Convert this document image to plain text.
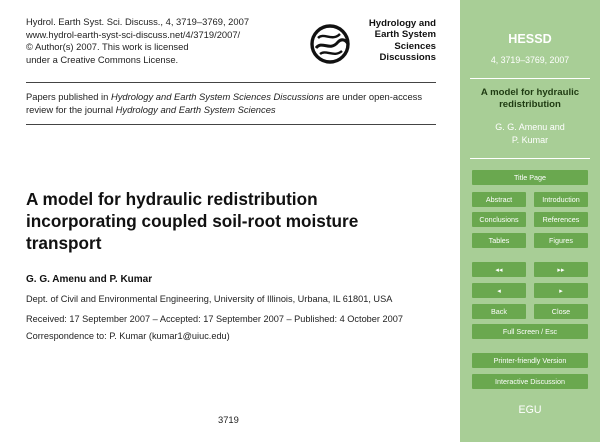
Hydrol. Earth Syst. Sci. Discuss., 4, 3719–3769, 2007
www.hydrol-earth-syst-sci-discuss.net/4/3719/2007/
© Author(s) 2007. This work is licensed
under a Creative Commons License.
Hydrology and
Earth System
Sciences
Discussions
Papers published in Hydrology and Earth System Sciences Discussions are under open-access review for the journal Hydrology and Earth System Sciences
A model for hydraulic redistribution
incorporating coupled soil-root moisture
transport
G. G. Amenu and P. Kumar
Dept. of Civil and Environmental Engineering, University of Illinois, Urbana, IL 61801, USA
Received: 17 September 2007 – Accepted: 17 September 2007 – Published: 4 October 2007
Correspondence to: P. Kumar (kumar1@uiuc.edu)
3719
HESSD
4, 3719–3769, 2007
A model for hydraulic
redistribution
G. G. Amenu and
P. Kumar
Title Page
Abstract	Introduction
Conclusions	References
Tables	Figures
◂◂	▸▸
◂	▸
Back	Close
Full Screen / Esc
Printer-friendly Version
Interactive Discussion
EGU
